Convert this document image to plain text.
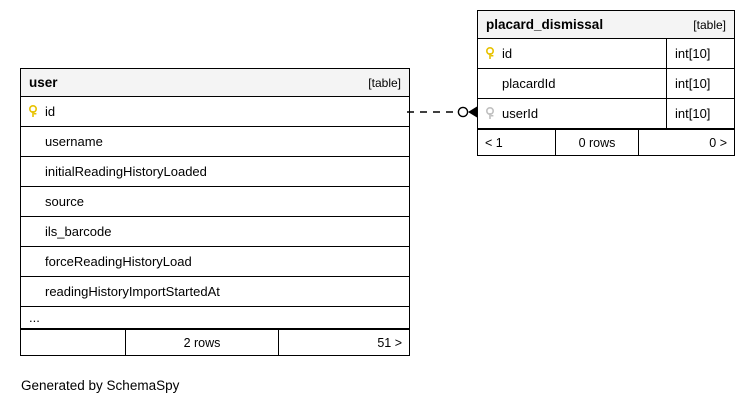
user	[table]
id
username
initialReadingHistoryLoaded
source
ils_barcode
forceReadingHistoryLoad
readingHistoryImportStartedAt
...
2 rows	51 >
placard_dismissal	[table]
id	int[10]
placardId	int[10]
userId	int[10]
< 1	0 rows	0 >
Generated by SchemaSpy
